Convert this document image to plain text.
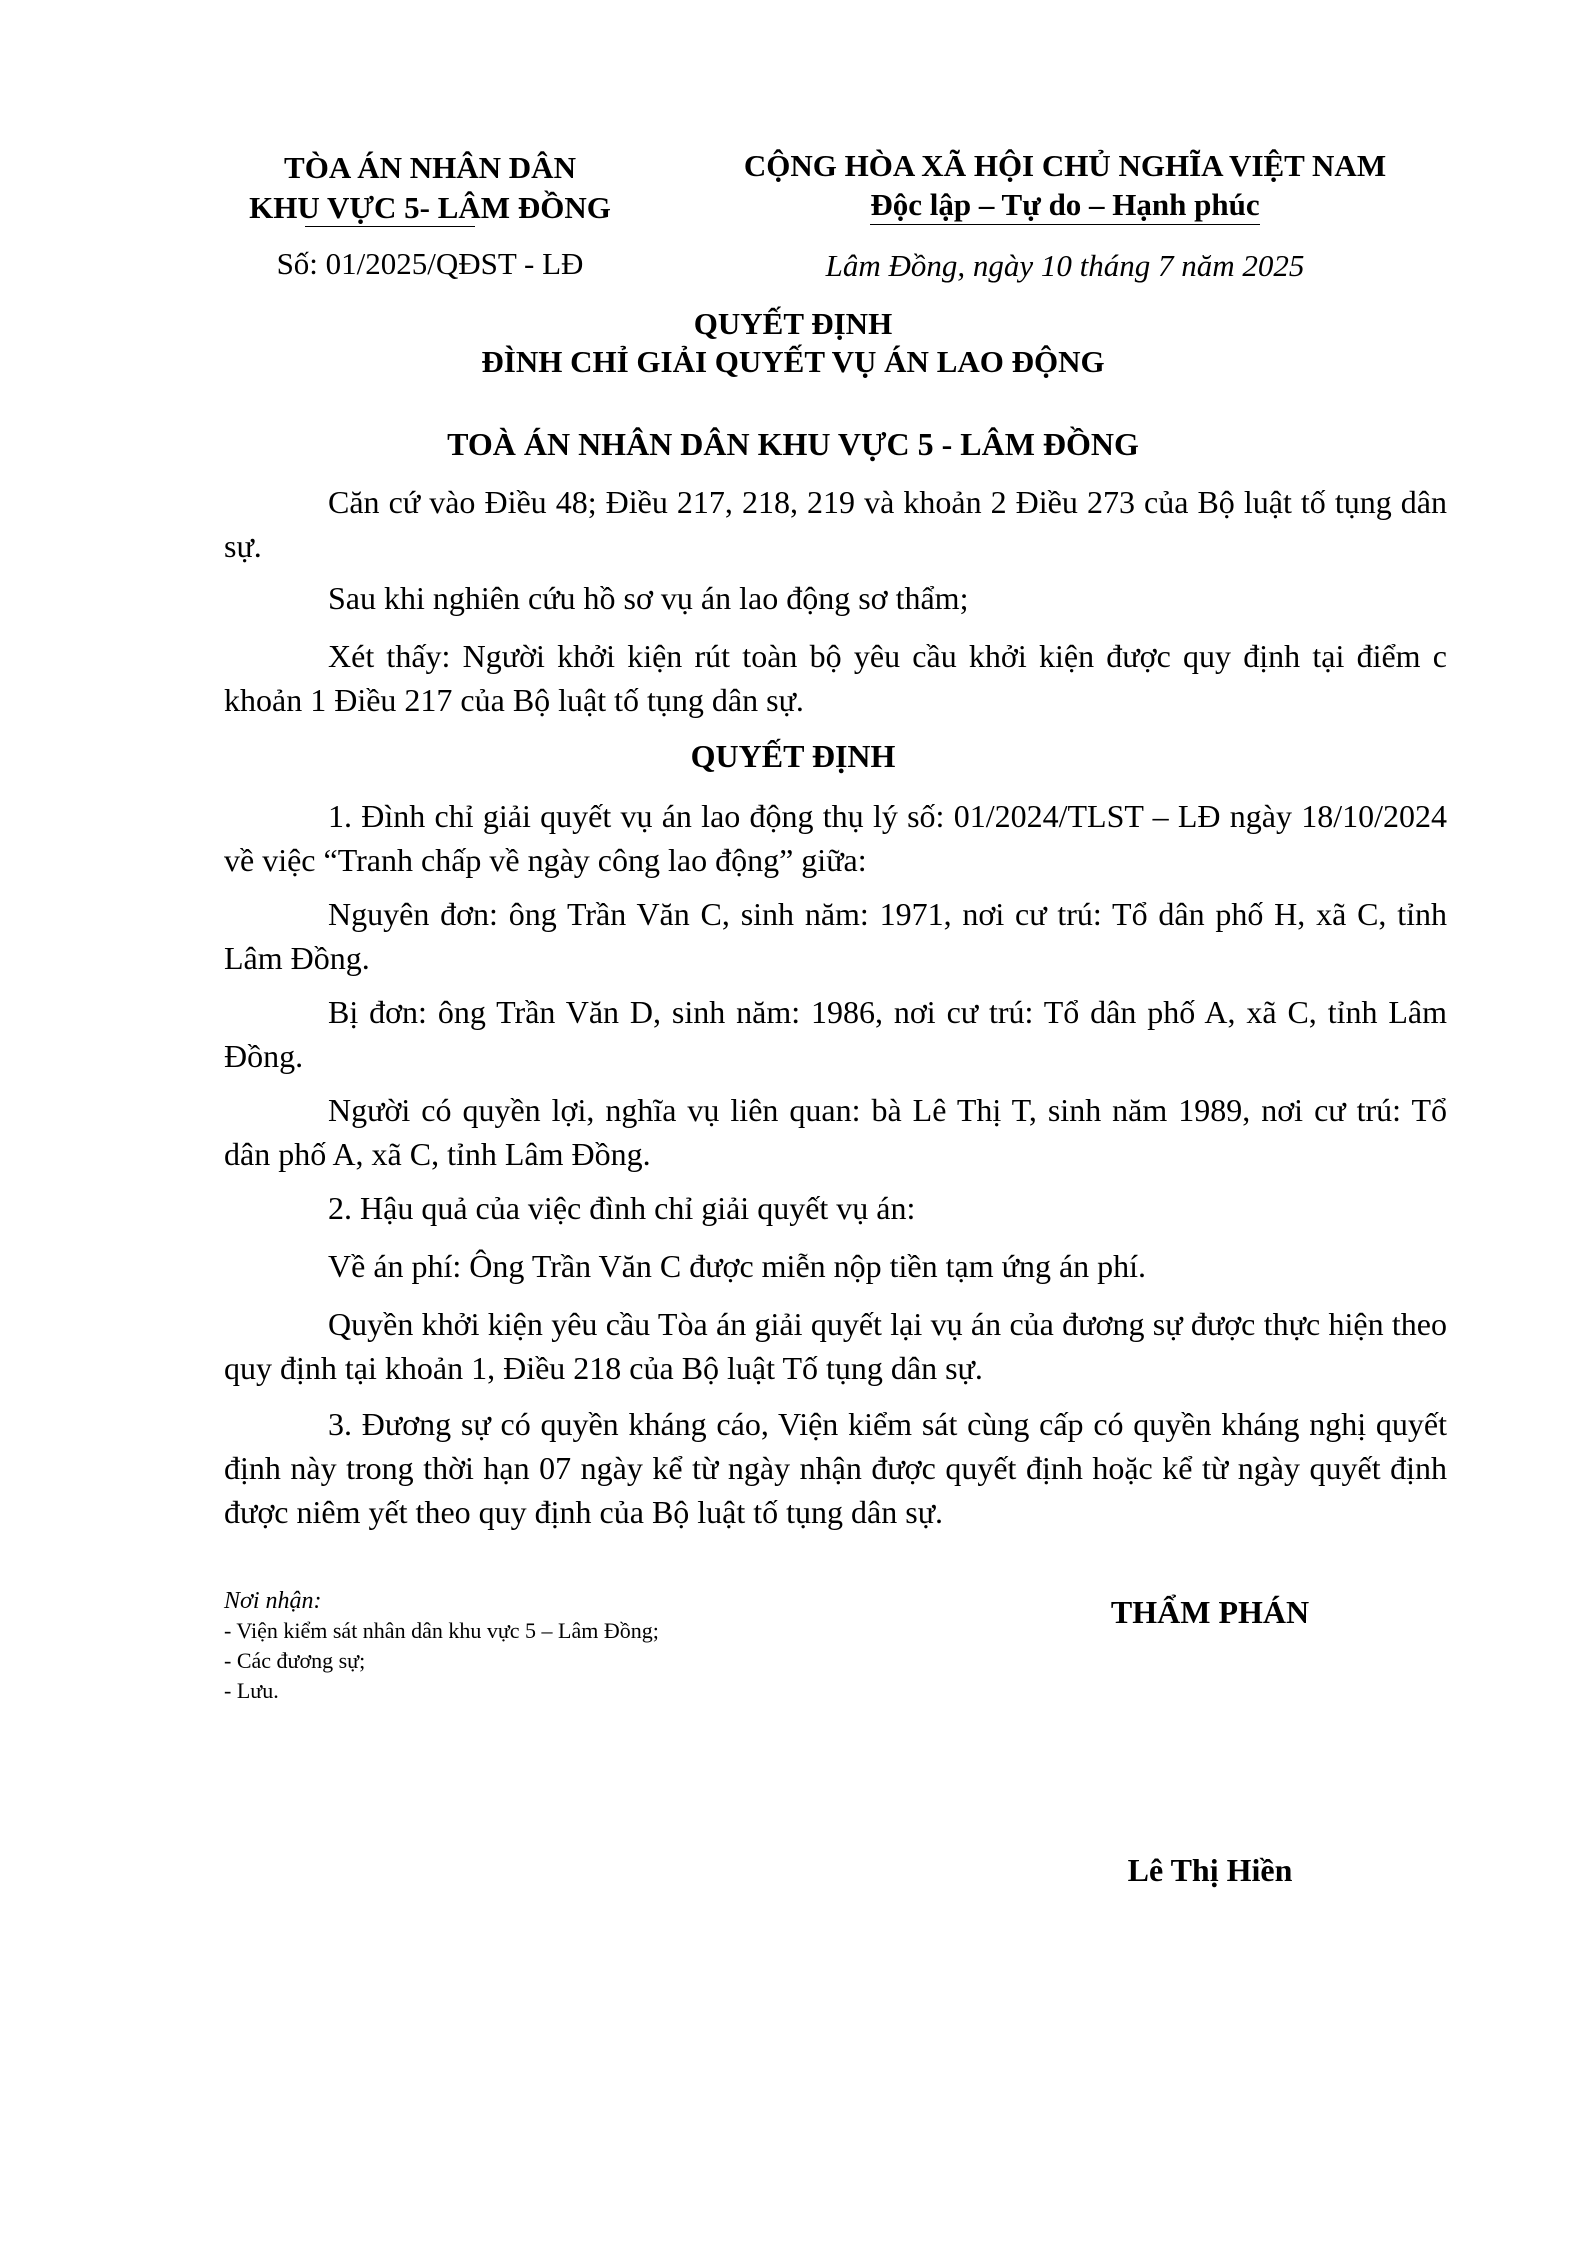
TÒA ÁN NHÂN DÂN
KHU VỰC 5- LÂM ĐỒNG
Số: 01/2025/QĐST - LĐ
CỘNG HÒA XÃ HỘI CHỦ NGHĨA VIỆT NAM
Độc lập – Tự do – Hạnh phúc
Lâm Đồng, ngày 10 tháng 7 năm 2025
QUYẾT ĐỊNH
ĐÌNH CHỈ GIẢI QUYẾT VỤ ÁN LAO ĐỘNG
TOÀ ÁN NHÂN DÂN KHU VỰC 5 - LÂM ĐỒNG
Căn cứ vào Điều 48; Điều 217, 218, 219 và khoản 2 Điều 273 của Bộ luật tố tụng dân sự.
Sau khi nghiên cứu hồ sơ vụ án lao động sơ thẩm;
Xét thấy: Người khởi kiện rút toàn bộ yêu cầu khởi kiện được quy định tại điểm c khoản 1 Điều 217 của Bộ luật tố tụng dân sự.
QUYẾT ĐỊNH
1. Đình chỉ giải quyết vụ án lao động thụ lý số: 01/2024/TLST – LĐ ngày 18/10/2024 về việc “Tranh chấp về ngày công lao động” giữa:
Nguyên đơn: ông Trần Văn C, sinh năm: 1971, nơi cư trú: Tổ dân phố H, xã C, tỉnh Lâm Đồng.
Bị đơn: ông Trần Văn D, sinh năm: 1986, nơi cư trú: Tổ dân phố A, xã C, tỉnh Lâm Đồng.
Người có quyền lợi, nghĩa vụ liên quan: bà Lê Thị T, sinh năm 1989, nơi cư trú: Tổ dân phố A, xã C, tỉnh Lâm Đồng.
2. Hậu quả của việc đình chỉ giải quyết vụ án:
Về án phí: Ông Trần Văn C được miễn nộp tiền tạm ứng án phí.
Quyền khởi kiện yêu cầu Tòa án giải quyết lại vụ án của đương sự được thực hiện theo quy định tại khoản 1, Điều 218 của Bộ luật Tố tụng dân sự.
3. Đương sự có quyền kháng cáo, Viện kiểm sát cùng cấp có quyền kháng nghị quyết định này trong thời hạn 07 ngày kể từ ngày nhận được quyết định hoặc kể từ ngày quyết định được niêm yết theo quy định của Bộ luật tố tụng dân sự.
Nơi nhận:
- Viện kiểm sát nhân dân khu vực 5 – Lâm Đồng;
- Các đương sự;
- Lưu.
THẨM PHÁN
Lê Thị Hiền
